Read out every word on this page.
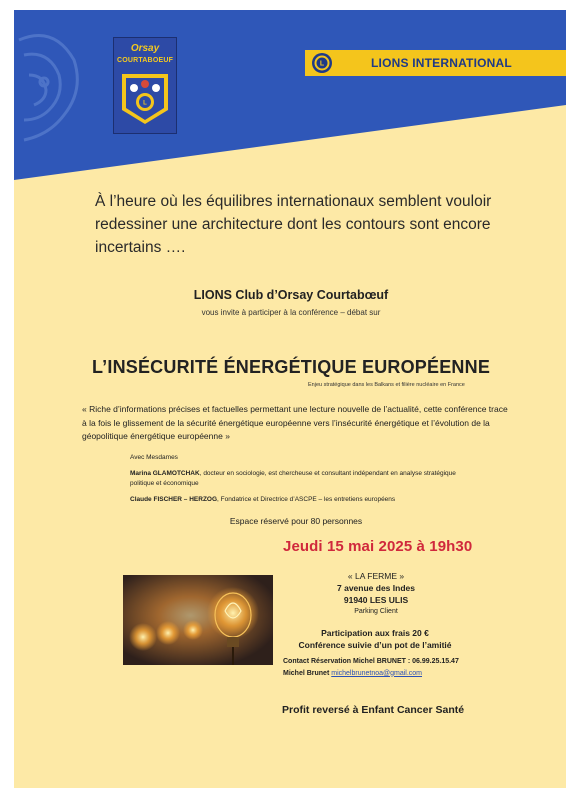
Orsay
COURTABOEUF
L
L	LIONS INTERNATIONAL
À l’heure où les équilibres internationaux semblent vouloir redessiner une architecture dont les contours sont encore incertains ….
LIONS Club d’Orsay Courtabœuf
vous invite à participer à la conférence – débat sur
L’INSÉCURITÉ ÉNERGÉTIQUE EUROPÉENNE
Enjeu stratégique dans les Balkans et filière nucléaire en France
« Riche d’informations précises et factuelles permettant une lecture nouvelle de l’actualité, cette conférence trace à la fois le glissement de la sécurité énergétique européenne vers l’insécurité énergétique et l’évolution de la géopolitique énergétique européenne »

Avec Mesdames

Marina GLAMOTCHAK, docteur en sociologie, est chercheuse et consultant indépendant en analyse stratégique politique et économique

Claude FISCHER – HERZOG, Fondatrice et Directrice d’ASCPE – les entretiens européens

Espace réservé pour 80 personnes
Jeudi 15 mai 2025 à 19h30
« LA FERME »
7 avenue des Indes
91940 LES ULIS
Parking Client
Participation aux frais 20 €
Conférence suivie d’un pot de l’amitié
Contact Réservation Michel BRUNET : 06.99.25.15.47
Michel Brunet michelbrunetnoa@gmail.com
Profit reversé à Enfant Cancer Santé
